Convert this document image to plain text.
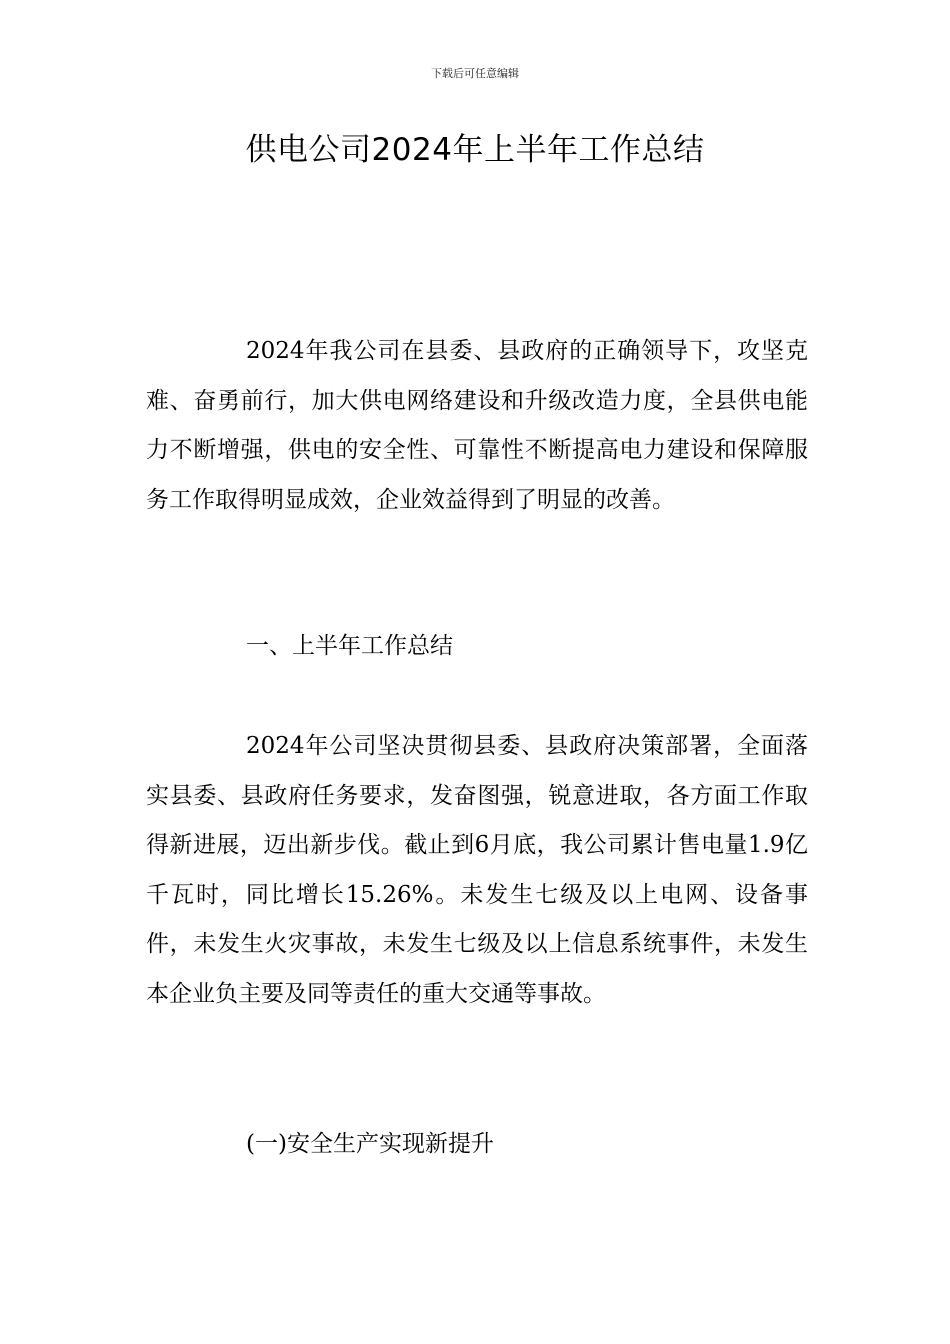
下载后可任意编辑
供电公司2024年上半年工作总结

2024年我公司在县委、县政府的正确领导下，攻坚克难、奋勇前行，加大供电网络建设和升级改造力度，全县供电能力不断增强，供电的安全性、可靠性不断提高电力建设和保障服务工作取得明显成效，企业效益得到了明显的改善。

一、上半年工作总结

2024年公司坚决贯彻县委、县政府决策部署，全面落实县委、县政府任务要求，发奋图强，锐意进取，各方面工作取得新进展，迈出新步伐。截止到6月底，我公司累计售电量1.9亿千瓦时，同比增长15.26%。未发生七级及以上电网、设备事件，未发生火灾事故，未发生七级及以上信息系统事件，未发生本企业负主要及同等责任的重大交通等事故。

(一)安全生产实现新提升
